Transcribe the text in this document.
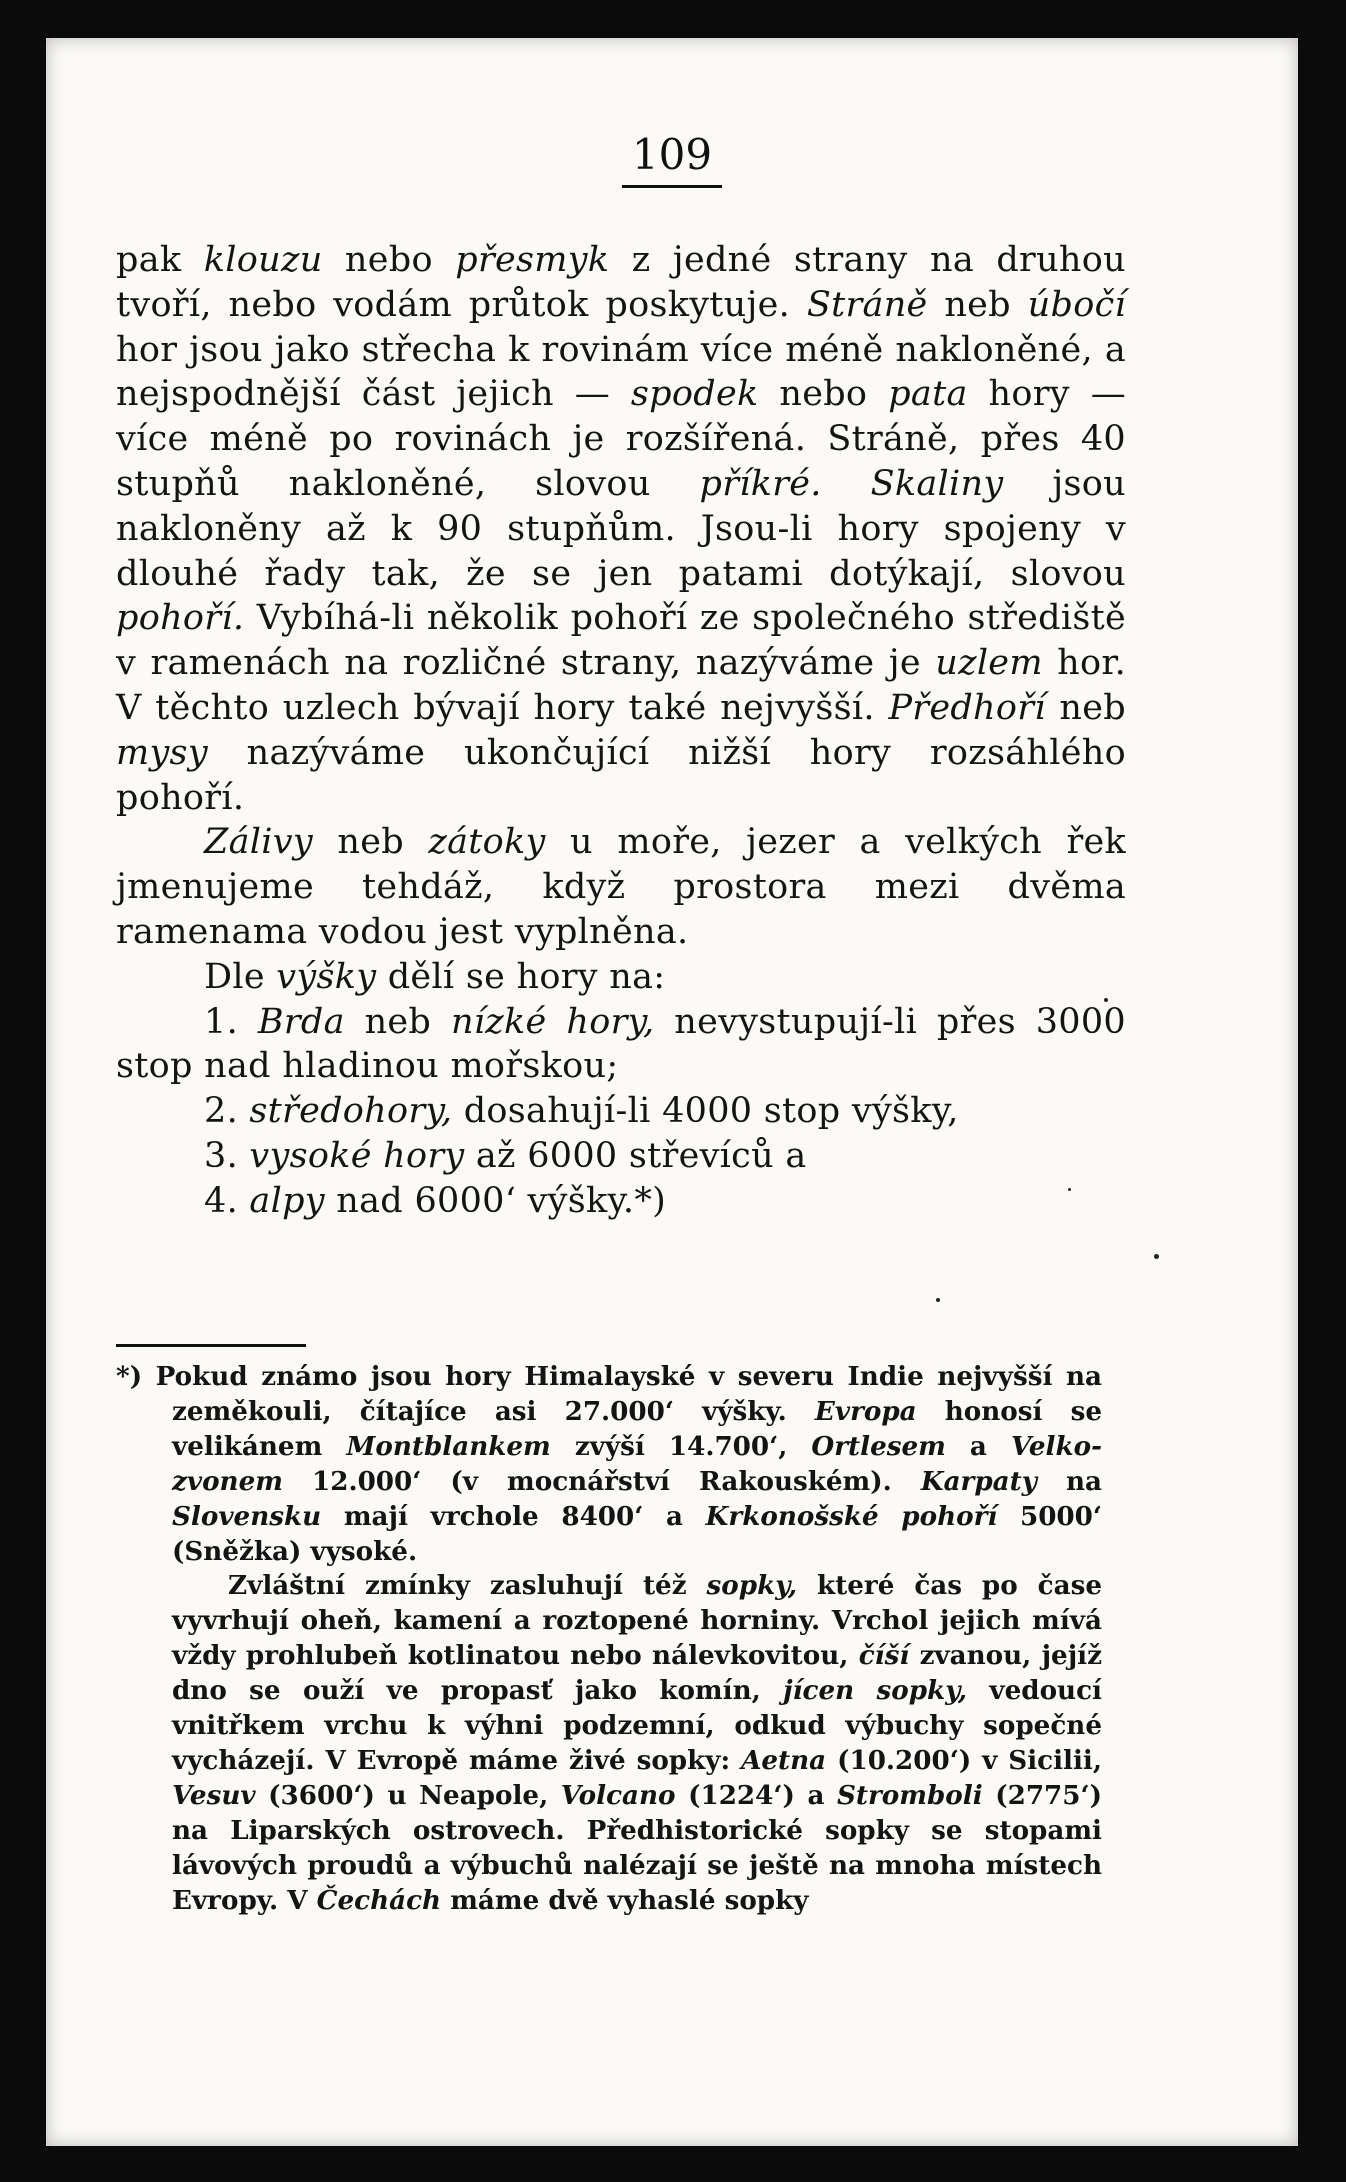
109

pak klouzu nebo přesmyk z jedné strany na druhou tvoří, nebo vodám průtok poskytuje. Stráně neb úbočí hor jsou jako střecha k rovinám více méně nakloněné, a nejspodnější část jejich — spodek nebo pata hory — více méně po rovinách je rozšířená. Stráně, přes 40 stupňů nakloněné, slovou příkré. Skaliny jsou nakloněny až k 90 stupňům. Jsou-li hory spojeny v dlouhé řady tak, že se jen patami dotýkají, slovou pohoří. Vybíhá-li několik pohoří ze společného střediště v ramenách na rozličné strany, nazýváme je uzlem hor. V těchto uzlech bývají hory také nejvyšší. Předhoří neb mysy nazýváme ukončující nižší hory rozsáhlého pohoří.

Zálivy neb zátoky u moře, jezer a velkých řek jmenujeme tehdáž, když prostora mezi dvěma ramenama vodou jest vyplněna.

Dle výšky dělí se hory na:

1. Brda neb nízké hory, nevystupují-li přes 3000 stop nad hladinou mořskou;

2. středohory, dosahují-li 4000 stop výšky,

3. vysoké hory až 6000 střevíců a

4. alpy nad 6000‘ výšky.*)

*) Pokud známo jsou hory Himalayské v severu Indie nejvyšší na zeměkouli, čítajíce asi 27.000‘ výšky. Evropa honosí se velikánem Montblankem zvýší 14.700‘, Ortlesem a Velko-zvonem 12.000‘ (v mocnářství Rakouském). Karpaty na Slovensku mají vrchole 8400‘ a Krkonošské pohoří 5000‘ (Sněžka) vysoké.

Zvláštní zmínky zasluhují též sopky, které čas po čase vyvrhují oheň, kamení a roztopené horniny. Vrchol jejich mívá vždy prohlubeň kotlinatou nebo nálevkovitou, číší zvanou, jejíž dno se ouží ve propasť jako komín, jícen sopky, vedoucí vnitřkem vrchu k výhni podzemní, odkud výbuchy sopečné vycházejí. V Evropě máme živé sopky: Aetna (10.200‘) v Sicilii, Vesuv (3600‘) u Neapole, Volcano (1224‘) a Stromboli (2775‘) na Liparských ostrovech. Předhistorické sopky se stopami lávových proudů a výbuchů nalézají se ještě na mnoha místech Evropy. V Čechách máme dvě vyhaslé sopky
